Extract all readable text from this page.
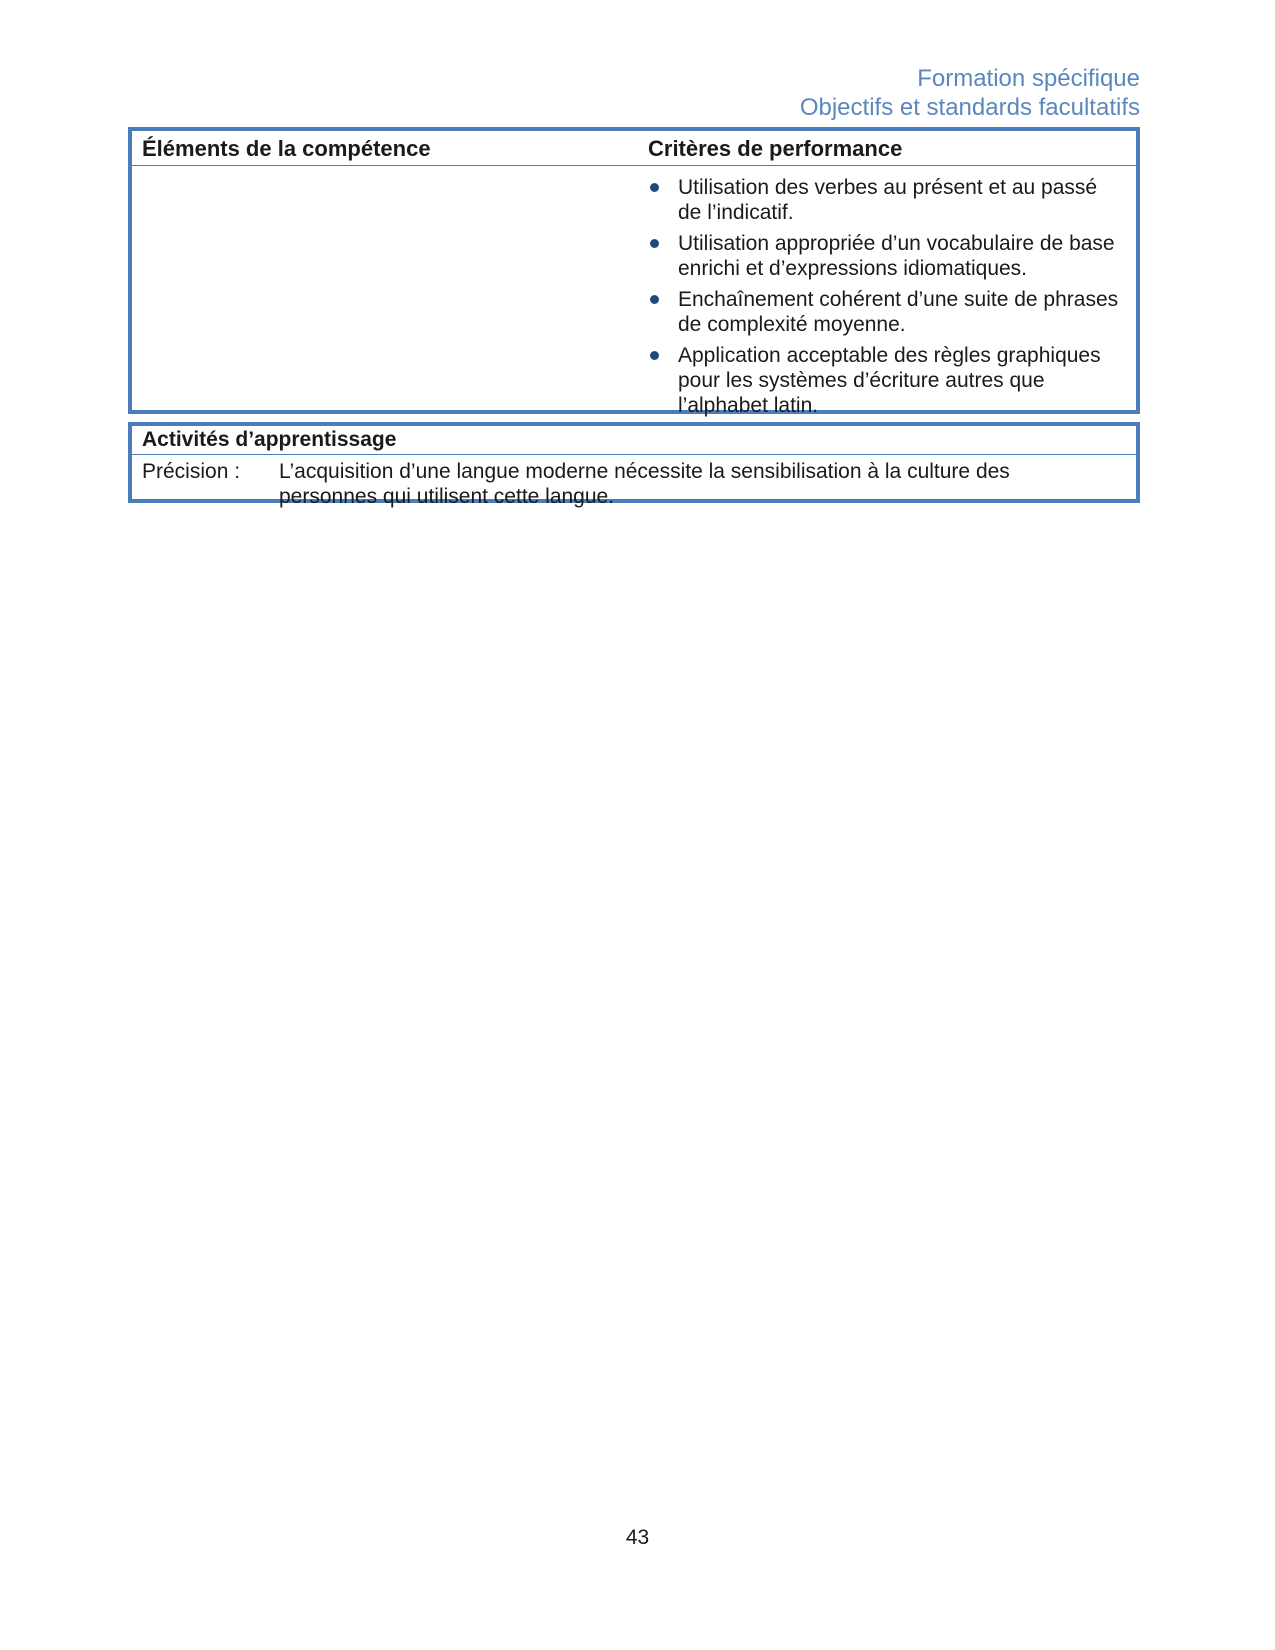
Formation spécifique
Objectifs et standards facultatifs
Éléments de la compétence	Critères de performance
Utilisation des verbes au présent et au passé de l’indicatif.
Utilisation appropriée d’un vocabulaire de base enrichi et d’expressions idiomatiques.
Enchaînement cohérent d’une suite de phrases de complexité moyenne.
Application acceptable des règles graphiques pour les systèmes d’écriture autres que l’alphabet latin.
Activités d’apprentissage
Précision :	L’acquisition d’une langue moderne nécessite la sensibilisation à la culture des personnes qui utilisent cette langue.
43
